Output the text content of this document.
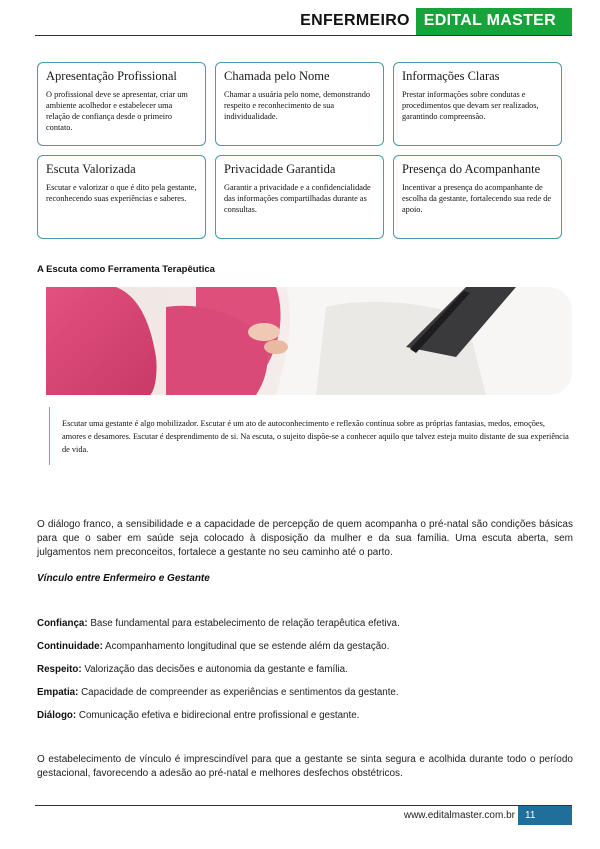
ENFERMEIRO EDITAL MASTER
Apresentação Profissional
O profissional deve se apresentar, criar um ambiente acolhedor e estabelecer uma relação de confiança desde o primeiro contato.
Chamada pelo Nome
Chamar a usuária pelo nome, demonstrando respeito e reconhecimento de sua individualidade.
Informações Claras
Prestar informações sobre condutas e procedimentos que devam ser realizados, garantindo compreensão.
Escuta Valorizada
Escutar e valorizar o que é dito pela gestante, reconhecendo suas experiências e saberes.
Privacidade Garantida
Garantir a privacidade e a confidencialidade das informações compartilhadas durante as consultas.
Presença do Acompanhante
Incentivar a presença do acompanhante de escolha da gestante, fortalecendo sua rede de apoio.
A Escuta como Ferramenta Terapêutica
Escutar uma gestante é algo mobilizador. Escutar é um ato de autoconhecimento e reflexão contínua sobre as próprias fantasias, medos, emoções, amores e desamores. Escutar é desprendimento de si. Na escuta, o sujeito dispõe-se a conhecer aquilo que talvez esteja muito distante de sua experiência de vida.
O diálogo franco, a sensibilidade e a capacidade de percepção de quem acompanha o pré-natal são condições básicas para que o saber em saúde seja colocado à disposição da mulher e da sua família. Uma escuta aberta, sem julgamentos nem preconceitos, fortalece a gestante no seu caminho até o parto.
Vínculo entre Enfermeiro e Gestante
Confiança: Base fundamental para estabelecimento de relação terapêutica efetiva.
Continuidade: Acompanhamento longitudinal que se estende além da gestação.
Respeito: Valorização das decisões e autonomia da gestante e família.
Empatia: Capacidade de compreender as experiências e sentimentos da gestante.
Diálogo: Comunicação efetiva e bidirecional entre profissional e gestante.
O estabelecimento de vínculo é imprescindível para que a gestante se sinta segura e acolhida durante todo o período gestacional, favorecendo a adesão ao pré-natal e melhores desfechos obstétricos.
www.editalmaster.com.br	11
